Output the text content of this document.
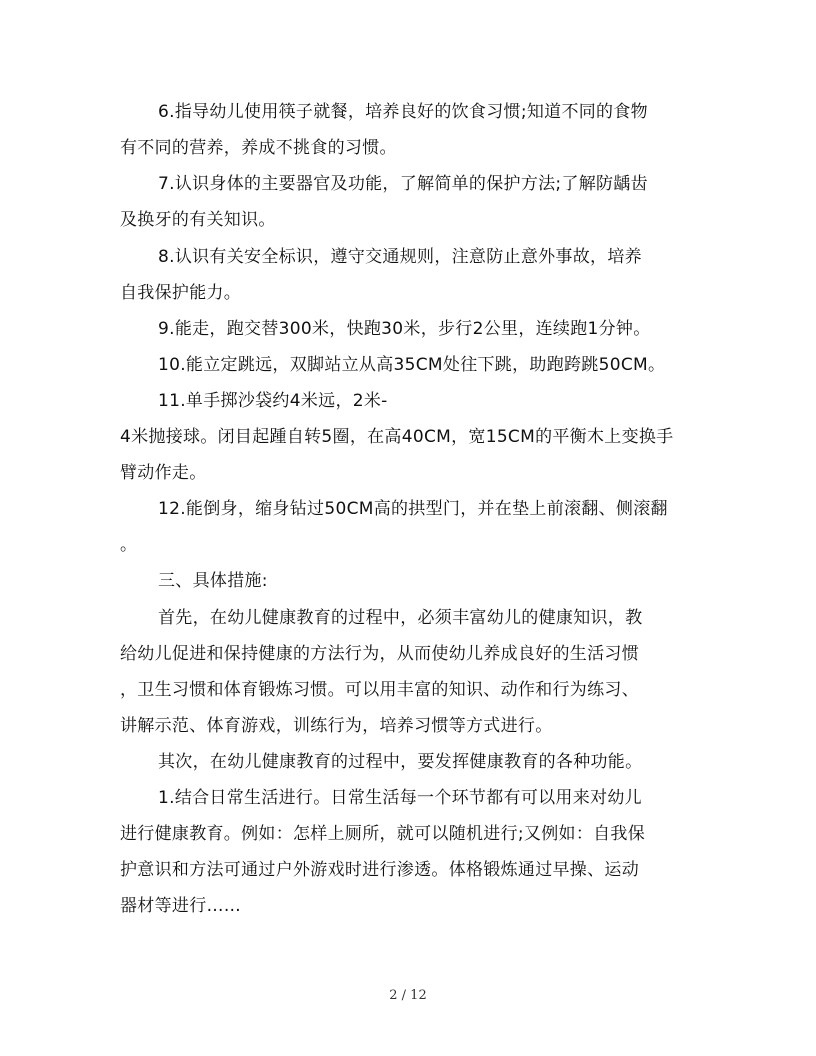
6.指导幼儿使用筷子就餐，培养良好的饮食习惯;知道不同的食物
有不同的营养，养成不挑食的习惯。
7.认识身体的主要器官及功能，了解简单的保护方法;了解防龋齿
及换牙的有关知识。
8.认识有关安全标识，遵守交通规则，注意防止意外事故，培养
自我保护能力。
9.能走，跑交替300米，快跑30米，步行2公里，连续跑1分钟。
10.能立定跳远，双脚站立从高35CM处往下跳，助跑跨跳50CM。
11.单手掷沙袋约4米远，2米-
4米抛接球。闭目起踵自转5圈，在高40CM，宽15CM的平衡木上变换手
臂动作走。
12.能倒身，缩身钻过50CM高的拱型门，并在垫上前滚翻、侧滚翻
。
三、具体措施:
首先，在幼儿健康教育的过程中，必须丰富幼儿的健康知识，教
给幼儿促进和保持健康的方法行为，从而使幼儿养成良好的生活习惯
，卫生习惯和体育锻炼习惯。可以用丰富的知识、动作和行为练习、
讲解示范、体育游戏，训练行为，培养习惯等方式进行。
其次，在幼儿健康教育的过程中，要发挥健康教育的各种功能。
1.结合日常生活进行。日常生活每一个环节都有可以用来对幼儿
进行健康教育。例如：怎样上厕所，就可以随机进行;又例如：自我保
护意识和方法可通过户外游戏时进行渗透。体格锻炼通过早操、运动
器材等进行……
2 / 12
